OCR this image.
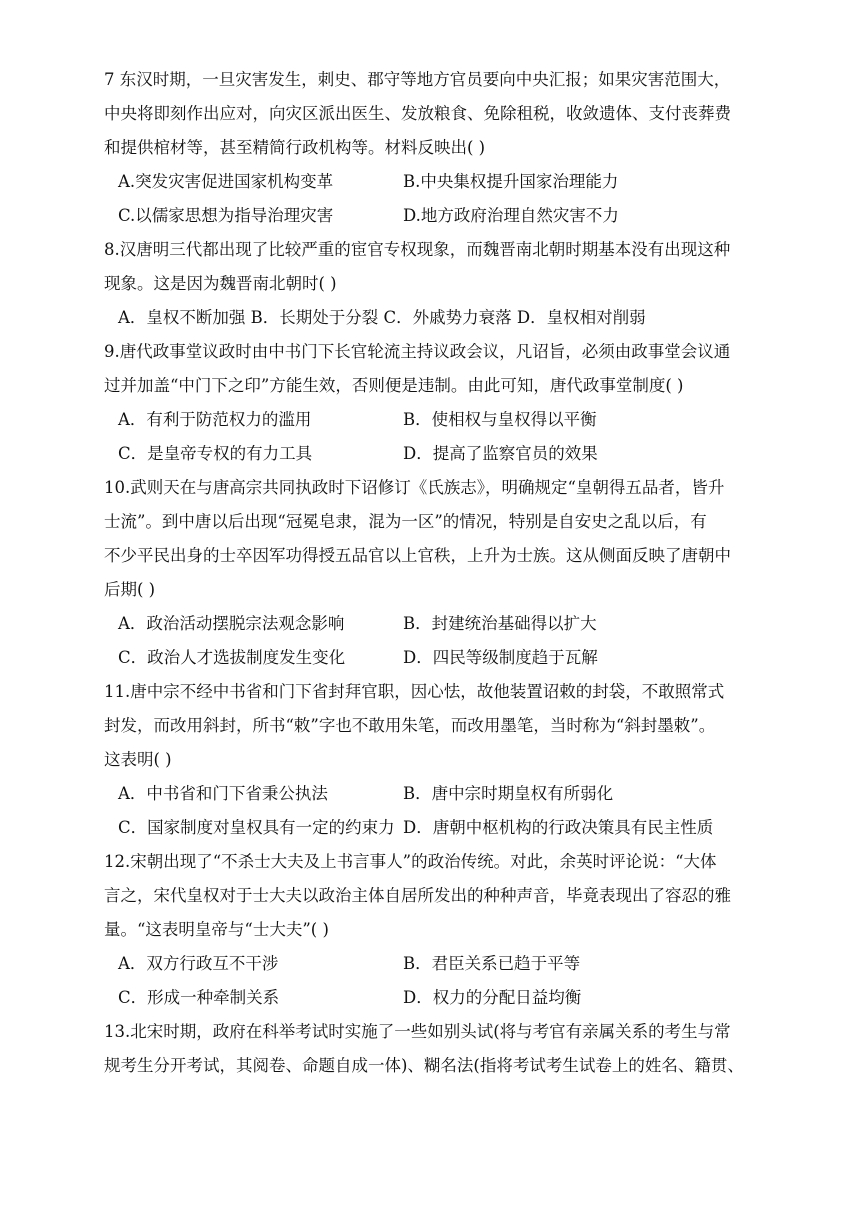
7 东汉时期，一旦灾害发生，刺史、郡守等地方官员要向中央汇报；如果灾害范围大，
中央将即刻作出应对，向灾区派出医生、发放粮食、免除租税，收敛遗体、支付丧葬费
和提供棺材等，甚至精简行政机构等。材料反映出( )
A.突发灾害促进国家机构变革	B.中央集权提升国家治理能力
C.以儒家思想为指导治理灾害	D.地方政府治理自然灾害不力
8.汉唐明三代都出现了比较严重的宦官专权现象，而魏晋南北朝时期基本没有出现这种
现象。这是因为魏晋南北朝时( )
A．皇权不断加强 B．长期处于分裂 C．外戚势力衰落 D．皇权相对削弱
9.唐代政事堂议政时由中书门下长官轮流主持议政会议，凡诏旨，必须由政事堂会议通
过并加盖“中门下之印”方能生效，否则便是违制。由此可知，唐代政事堂制度( )
A．有利于防范权力的滥用	B．使相权与皇权得以平衡
C．是皇帝专权的有力工具	D．提高了监察官员的效果
10.武则天在与唐高宗共同执政时下诏修订《氏族志》，明确规定“皇朝得五品者，皆升
士流”。到中唐以后出现“冠冕皂隶，混为一区”的情况，特别是自安史之乱以后，有
不少平民出身的士卒因军功得授五品官以上官秩，上升为士族。这从侧面反映了唐朝中
后期( )
A．政治活动摆脱宗法观念影响	B．封建统治基础得以扩大
C．政治人才选拔制度发生变化	D．四民等级制度趋于瓦解
11.唐中宗不经中书省和门下省封拜官职，因心怯，故他装置诏敕的封袋，不敢照常式
封发，而改用斜封，所书“敕”字也不敢用朱笔，而改用墨笔，当时称为“斜封墨敕”。
这表明( )
A．中书省和门下省秉公执法	B．唐中宗时期皇权有所弱化
C．国家制度对皇权具有一定的约束力 D．唐朝中枢机构的行政决策具有民主性质
12.宋朝出现了“不杀士大夫及上书言事人”的政治传统。对此，余英时评论说：“大体
言之，宋代皇权对于士大夫以政治主体自居所发出的种种声音，毕竟表现出了容忍的雅
量。“这表明皇帝与“士大夫”( )
A．双方行政互不干涉	B．君臣关系已趋于平等
C．形成一种牵制关系	D．权力的分配日益均衡
13.北宋时期，政府在科举考试时实施了一些如别头试(将与考官有亲属关系的考生与常
规考生分开考试，其阅卷、命题自成一体)、糊名法(指将考试考生试卷上的姓名、籍贯、
